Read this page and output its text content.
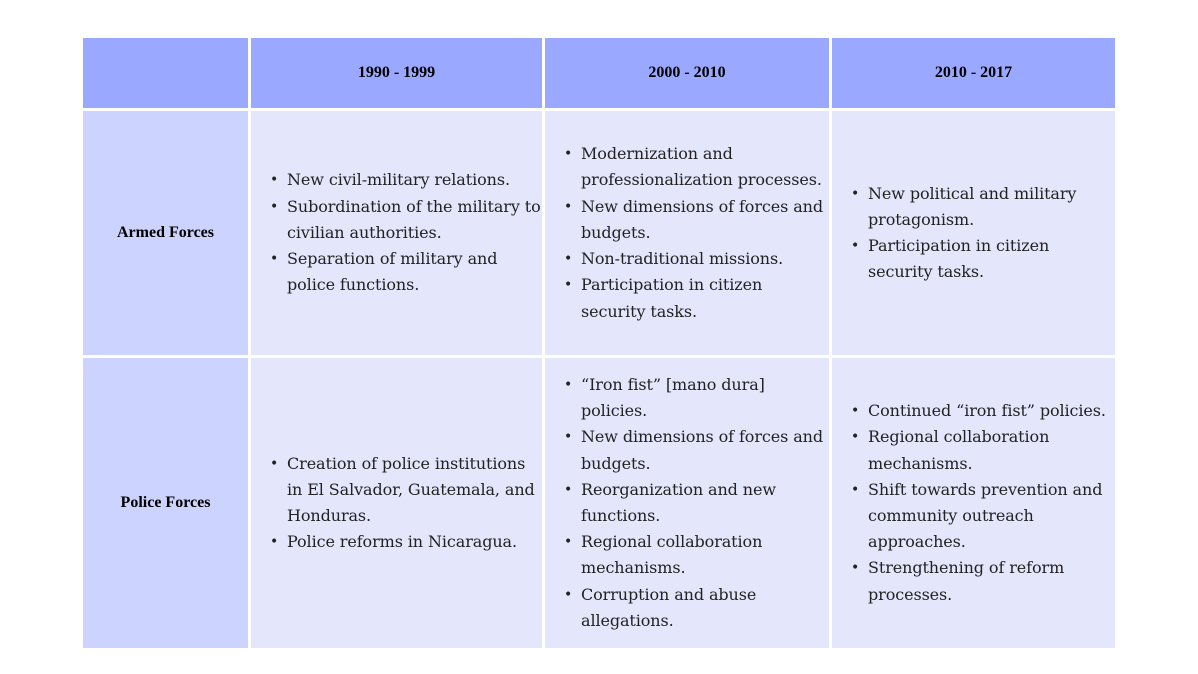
1990 - 1999	2000 - 2010	2010 - 2017
Armed Forces
• New civil-military relations.
• Subordination of the military to civilian authorities.
• Separation of military and police functions.
• Modernization and professionalization processes.
• New dimensions of forces and budgets.
• Non-traditional missions.
• Participation in citizen security tasks.
• New political and military protagonism.
• Participation in citizen security tasks.
Police Forces
• Creation of police institutions in El Salvador, Guatemala, and Honduras.
• Police reforms in Nicaragua.
• “Iron fist” [mano dura] policies.
• New dimensions of forces and budgets.
• Reorganization and new functions.
• Regional collaboration mechanisms.
• Corruption and abuse allegations.
• Continued “iron fist” policies.
• Regional collaboration mechanisms.
• Shift towards prevention and community outreach approaches.
• Strengthening of reform processes.
